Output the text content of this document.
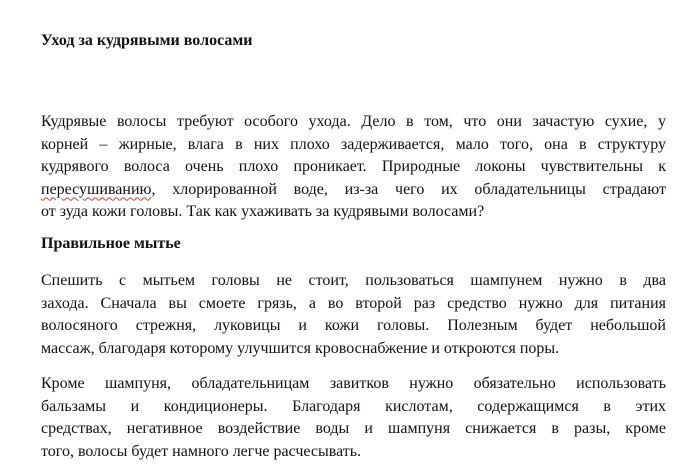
Уход за кудрявыми волосами
Кудрявые волосы требуют особого ухода. Дело в том, что они зачастую сухие, у
корней – жирные, влага в них плохо задерживается, мало того, она в структуру
кудрявого волоса очень плохо проникает. Природные локоны чувствительны к
пересушиванию, хлорированной воде, из-за чего их обладательницы страдают
от зуда кожи головы. Так как ухаживать за кудрявыми волосами?
Правильное мытье
Спешить с мытьем головы не стоит, пользоваться шампунем нужно в два
захода. Сначала вы смоете грязь, а во второй раз средство нужно для питания
волосяного стрежня, луковицы и кожи головы. Полезным будет небольшой
массаж, благодаря которому улучшится кровоснабжение и откроются поры.
Кроме шампуня, обладательницам завитков нужно обязательно использовать
бальзамы и кондиционеры. Благодаря кислотам, содержащимся в этих
средствах, негативное воздействие воды и шампуня снижается в разы, кроме
того, волосы будет намного легче расчесывать.
